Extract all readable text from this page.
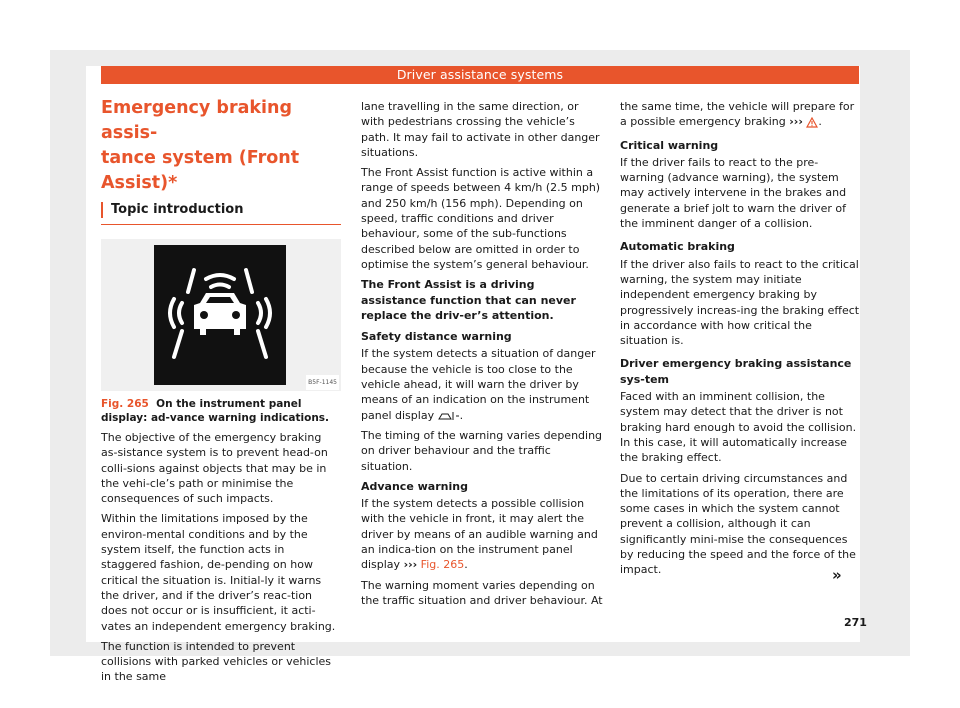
Driver assistance systems
Emergency braking assis-
tance system (Front Assist)*
Topic introduction
B5F-1145

Fig. 265 On the instrument panel display: ad-vance warning indications.

The objective of the emergency braking as-sistance system is to prevent head-on colli-sions against objects that may be in the vehi-cle’s path or minimise the consequences of such impacts.

Within the limitations imposed by the environ-mental conditions and by the system itself, the function acts in staggered fashion, de-pending on how critical the situation is. Initial-ly it warns the driver, and if the driver’s reac-tion does not occur or is insufficient, it acti-vates an independent emergency braking.

The function is intended to prevent collisions with parked vehicles or vehicles in the same

lane travelling in the same direction, or with pedestrians crossing the vehicle’s path. It may fail to activate in other danger situations.

The Front Assist function is active within a range of speeds between 4 km/h (2.5 mph) and 250 km/h (156 mph). Depending on speed, traffic conditions and driver behaviour, some of the sub-functions described below are omitted in order to optimise the system’s general behaviour.

The Front Assist is a driving assistance function that can never replace the driv-er’s attention.

Safety distance warning

If the system detects a situation of danger because the vehicle is too close to the vehicle ahead, it will warn the driver by means of an indication on the instrument panel display .

The timing of the warning varies depending on driver behaviour and the traffic situation.

Advance warning

If the system detects a possible collision with the vehicle in front, it may alert the driver by means of an audible warning and an indica-tion on the instrument panel display ››› Fig. 265.

The warning moment varies depending on the traffic situation and driver behaviour. At

the same time, the vehicle will prepare for a possible emergency braking ››› .

Critical warning

If the driver fails to react to the pre-warning (advance warning), the system may actively intervene in the brakes and generate a brief jolt to warn the driver of the imminent danger of a collision.

Automatic braking

If the driver also fails to react to the critical warning, the system may initiate independent emergency braking by progressively increas-ing the braking effect in accordance with how critical the situation is.

Driver emergency braking assistance sys-tem

Faced with an imminent collision, the system may detect that the driver is not braking hard enough to avoid the collision. In this case, it will automatically increase the braking effect.

Due to certain driving circumstances and the limitations of its operation, there are some cases in which the system cannot prevent a collision, although it can significantly mini-mise the consequences by reducing the speed and the force of the impact.	»
271
